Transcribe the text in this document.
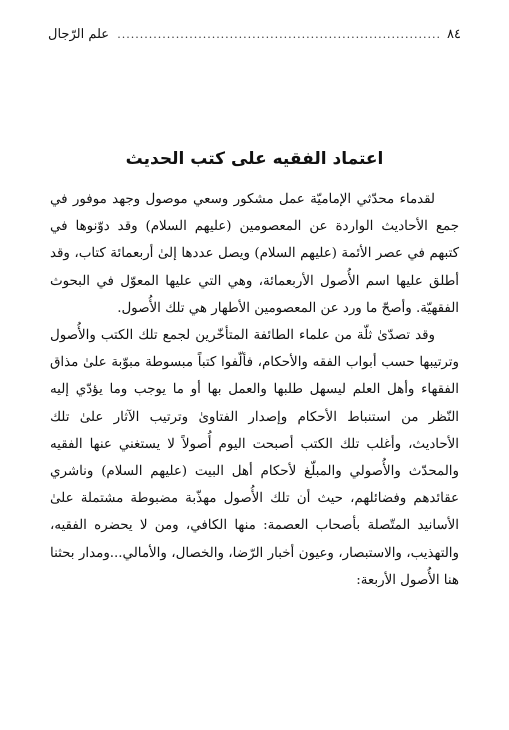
٨٤
........................................................................
علم الرّجال
اعتماد الفقيه على كتب الحديث

لقدماء محدّثي الإماميّة عمل مشكور وسعي موصول وجهد موفور في جمع الأحاديث الواردة عن المعصومين (عليهم السلام) وقد دوّنوها في كتبهم في عصر الأئمة (عليهم السلام) ويصل عددها إلىٰ أربعمائة كتاب، وقد أطلق عليها اسم الأُصول الأربعمائة، وهي التي عليها المعوّل في البحوث الفقهيّة. وأصحّ ما ورد عن المعصومين الأطهار هي تلك الأُصول.

وقد تصدّىٰ ثلّة من علماء الطائفة المتأخّرين لجمع تلك الكتب والأُصول وترتيبها حسب أبواب الفقه والأحكام، فألّفوا كتباً مبسوطة مبوّبة علىٰ مذاق الفقهاء وأهل العلم ليسهل طلبها والعمل بها أو ما يوجب وما يؤدّي إليه النّظر من استنباط الأحكام وإصدار الفتاوىٰ وترتيب الآثار علىٰ تلك الأحاديث، وأغلب تلك الكتب أصبحت اليوم أُصولاً لا يستغني عنها الفقيه والمحدّث والأُصولي والمبلّغ لأحكام أهل البيت (عليهم السلام) وناشري عقائدهم وفضائلهم، حيث أن تلك الأُصول مهذّبة مضبوطة مشتملة علىٰ الأسانيد المتّصلة بأصحاب العصمة: منها الكافي، ومن لا يحضره الفقيه، والتهذيب، والاستبصار، وعيون أخبار الرّضا، والخصال، والأمالي...ومدار بحثنا هنا الأُصول الأربعة:
